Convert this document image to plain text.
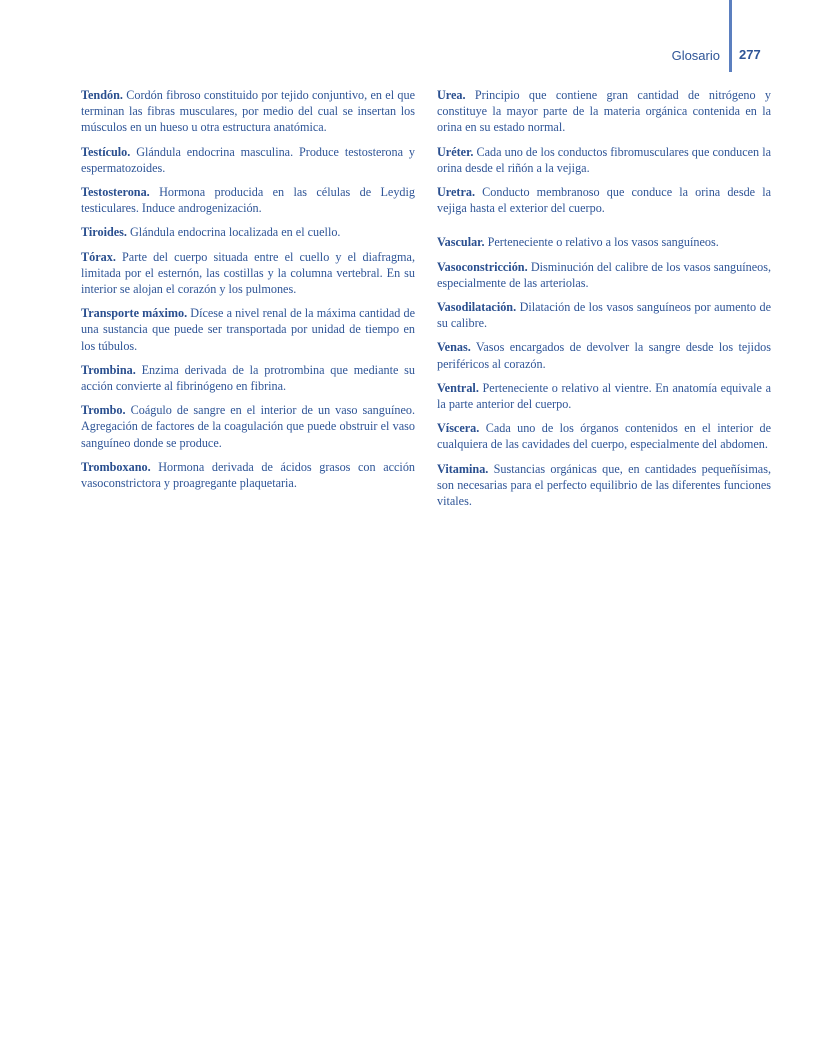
Glosario 277

Tendón. Cordón fibroso constituido por tejido conjuntivo, en el que terminan las fibras musculares, por medio del cual se insertan los músculos en un hueso u otra estructura anatómica.

Testículo. Glándula endocrina masculina. Produce testosterona y espermatozoides.

Testosterona. Hormona producida en las células de Leydig testiculares. Induce androgenización.

Tiroides. Glándula endocrina localizada en el cuello.

Tórax. Parte del cuerpo situada entre el cuello y el diafragma, limitada por el esternón, las costillas y la columna vertebral. En su interior se alojan el corazón y los pulmones.

Transporte máximo. Dícese a nivel renal de la máxima cantidad de una sustancia que puede ser transportada por unidad de tiempo en los túbulos.

Trombina. Enzima derivada de la protrombina que mediante su acción convierte al fibrinógeno en fibrina.

Trombo. Coágulo de sangre en el interior de un vaso sanguíneo. Agregación de factores de la coagulación que puede obstruir el vaso sanguíneo donde se produce.

Tromboxano. Hormona derivada de ácidos grasos con acción vasoconstrictora y proagregante plaquetaria.

Urea. Principio que contiene gran cantidad de nitrógeno y constituye la mayor parte de la materia orgánica contenida en la orina en su estado normal.

Uréter. Cada uno de los conductos fibromusculares que conducen la orina desde el riñón a la vejiga.

Uretra. Conducto membranoso que conduce la orina desde la vejiga hasta el exterior del cuerpo.

Vascular. Perteneciente o relativo a los vasos sanguíneos.

Vasoconstricción. Disminución del calibre de los vasos sanguíneos, especialmente de las arteriolas.

Vasodilatación. Dilatación de los vasos sanguíneos por aumento de su calibre.

Venas. Vasos encargados de devolver la sangre desde los tejidos periféricos al corazón.

Ventral. Perteneciente o relativo al vientre. En anatomía equivale a la parte anterior del cuerpo.

Víscera. Cada uno de los órganos contenidos en el interior de cualquiera de las cavidades del cuerpo, especialmente del abdomen.

Vitamina. Sustancias orgánicas que, en cantidades pequeñísimas, son necesarias para el perfecto equilibrio de las diferentes funciones vitales.
